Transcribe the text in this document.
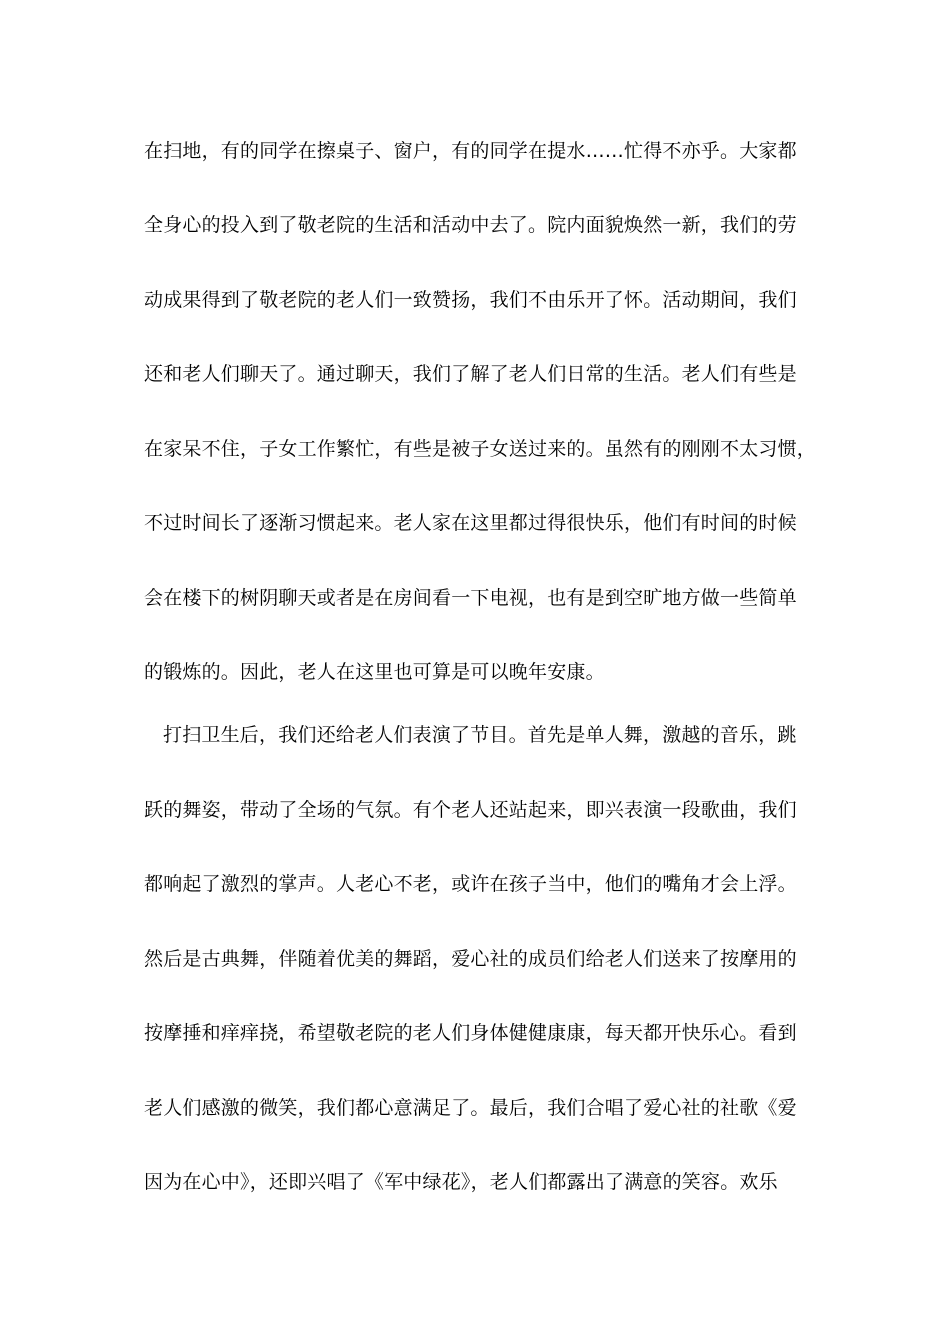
在扫地，有的同学在擦桌子、窗户，有的同学在提水……忙得不亦乎。大家都
全身心的投入到了敬老院的生活和活动中去了。院内面貌焕然一新，我们的劳
动成果得到了敬老院的老人们一致赞扬，我们不由乐开了怀。活动期间，我们
还和老人们聊天了。通过聊天，我们了解了老人们日常的生活。老人们有些是
在家呆不住，子女工作繁忙，有些是被子女送过来的。虽然有的刚刚不太习惯，
不过时间长了逐渐习惯起来。老人家在这里都过得很快乐，他们有时间的时候
会在楼下的树阴聊天或者是在房间看一下电视，也有是到空旷地方做一些简单
的锻炼的。因此，老人在这里也可算是可以晚年安康。
打扫卫生后，我们还给老人们表演了节目。首先是单人舞，激越的音乐，跳
跃的舞姿，带动了全场的气氛。有个老人还站起来，即兴表演一段歌曲，我们
都响起了激烈的掌声。人老心不老，或许在孩子当中，他们的嘴角才会上浮。
然后是古典舞，伴随着优美的舞蹈，爱心社的成员们给老人们送来了按摩用的
按摩捶和痒痒挠，希望敬老院的老人们身体健健康康，每天都开快乐心。看到
老人们感激的微笑，我们都心意满足了。最后，我们合唱了爱心社的社歌《爱
因为在心中》，还即兴唱了《军中绿花》，老人们都露出了满意的笑容。欢乐
